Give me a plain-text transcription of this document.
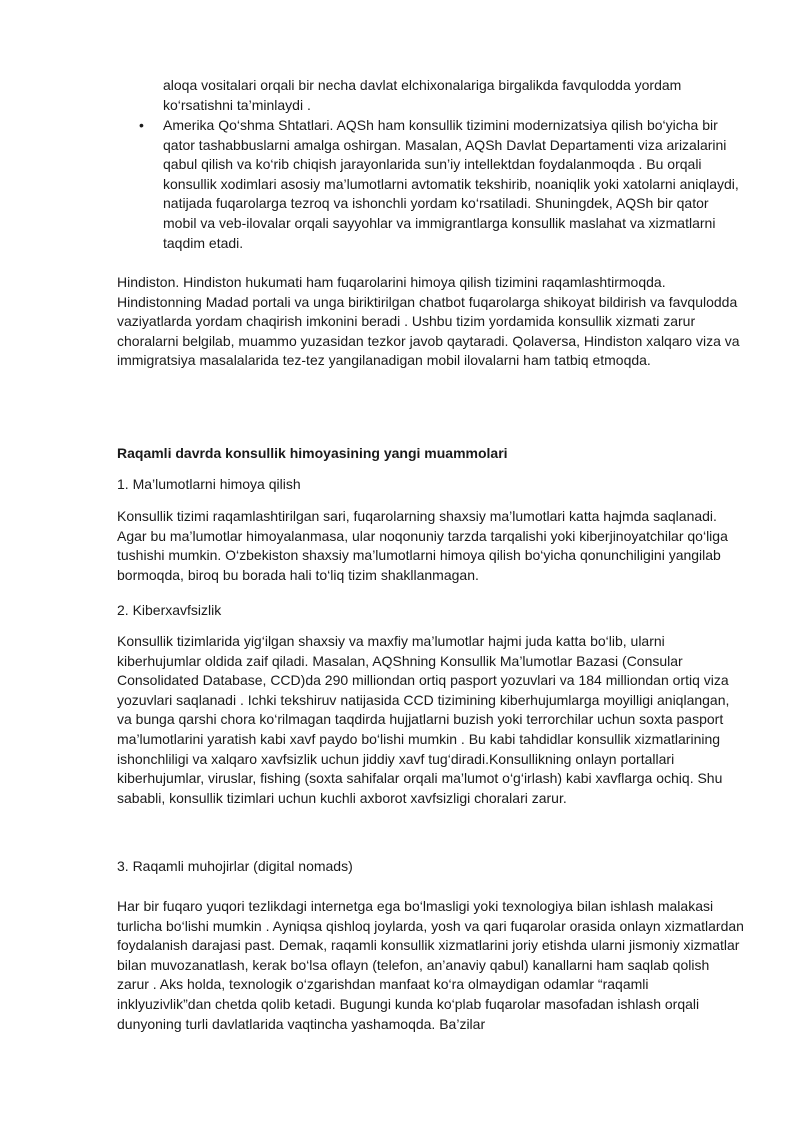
aloqa vositalari orqali bir necha davlat elchixonalariga birgalikda favqulodda yordam ko‘rsatishni ta’minlaydi .

•	Amerika Qo‘shma Shtatlari. AQSh ham konsullik tizimini modernizatsiya qilish bo‘yicha bir qator tashabbuslarni amalga oshirgan. Masalan, AQSh Davlat Departamenti viza arizalarini qabul qilish va ko‘rib chiqish jarayonlarida sun’iy intellektdan foydalanmoqda . Bu orqali konsullik xodimlari asosiy ma’lumotlarni avtomatik tekshirib, noaniqlik yoki xatolarni aniqlaydi, natijada fuqarolarga tezroq va ishonchli yordam ko‘rsatiladi. Shuningdek, AQSh bir qator mobil va veb-ilovalar orqali sayyohlar va immigrantlarga konsullik maslahat va xizmatlarni taqdim etadi.

Hindiston. Hindiston hukumati ham fuqarolarini himoya qilish tizimini raqamlashtirmoqda. Hindistonning Madad portali va unga biriktirilgan chatbot fuqarolarga shikoyat bildirish va favqulodda vaziyatlarda yordam chaqirish imkonini beradi . Ushbu tizim yordamida konsullik xizmati zarur choralarni belgilab, muammo yuzasidan tezkor javob qaytaradi. Qolaversa, Hindiston xalqaro viza va immigratsiya masalalarida tez-tez yangilanadigan mobil ilovalarni ham tatbiq etmoqda.

Raqamli davrda konsullik himoyasining yangi muammolari

1. Ma’lumotlarni himoya qilish

Konsullik tizimi raqamlashtirilgan sari, fuqarolarning shaxsiy ma’lumotlari katta hajmda saqlanadi. Agar bu ma’lumotlar himoyalanmasa, ular noqonuniy tarzda tarqalishi yoki kiberjinoyatchilar qo‘liga tushishi mumkin. O‘zbekiston shaxsiy ma’lumotlarni himoya qilish bo‘yicha qonunchiligini yangilab bormoqda, biroq bu borada hali to‘liq tizim shakllanmagan.

2. Kiberxavfsizlik

Konsullik tizimlarida yig‘ilgan shaxsiy va maxfiy ma’lumotlar hajmi juda katta bo‘lib, ularni kiberhujumlar oldida zaif qiladi. Masalan, AQShning Konsullik Ma’lumotlar Bazasi (Consular Consolidated Database, CCD)da 290 milliondan ortiq pasport yozuvlari va 184 milliondan ortiq viza yozuvlari saqlanadi . Ichki tekshiruv natijasida CCD tizimining kiberhujumlarga moyilligi aniqlangan, va bunga qarshi chora ko‘rilmagan taqdirda hujjatlarni buzish yoki terrorchilar uchun soxta pasport ma’lumotlarini yaratish kabi xavf paydo bo‘lishi mumkin . Bu kabi tahdidlar konsullik xizmatlarining ishonchliligi va xalqaro xavfsizlik uchun jiddiy xavf tug‘diradi.Konsullikning onlayn portallari kiberhujumlar, viruslar, fishing (soxta sahifalar orqali ma’lumot o‘g‘irlash) kabi xavflarga ochiq. Shu sababli, konsullik tizimlari uchun kuchli axborot xavfsizligi choralari zarur.

3. Raqamli muhojirlar (digital nomads)

Har bir fuqaro yuqori tezlikdagi internetga ega bo‘lmasligi yoki texnologiya bilan ishlash malakasi turlicha bo‘lishi mumkin . Ayniqsa qishloq joylarda, yosh va qari fuqarolar orasida onlayn xizmatlardan foydalanish darajasi past. Demak, raqamli konsullik xizmatlarini joriy etishda ularni jismoniy xizmatlar bilan muvozanatlash, kerak bo‘lsa oflayn (telefon, an’anaviy qabul) kanallarni ham saqlab qolish zarur . Aks holda, texnologik o‘zgarishdan manfaat ko‘ra olmaydigan odamlar “raqamli inklyuzivlik”dan chetda qolib ketadi. Bugungi kunda ko‘plab fuqarolar masofadan ishlash orqali dunyoning turli davlatlarida vaqtincha yashamoqda. Ba’zilar
